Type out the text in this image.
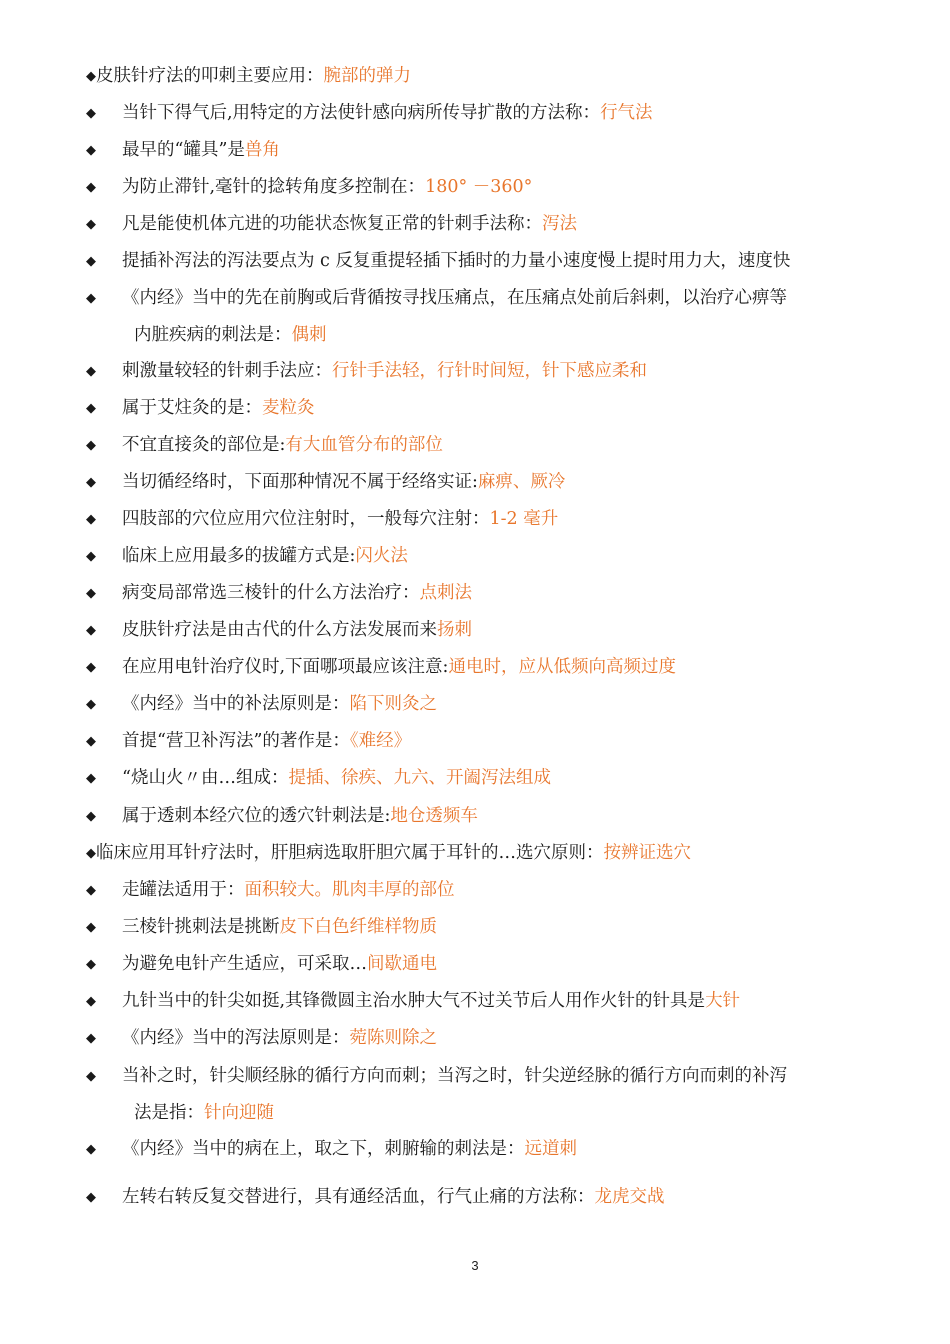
◆皮肤针疗法的叩刺主要应用：腕部的弹力
◆ 当针下得气后,用特定的方法使针感向病所传导扩散的方法称：行气法
◆ 最早的“罐具”是兽角
◆ 为防止滞针,毫针的捻转角度多控制在：180° －360°
◆ 凡是能使机体亢进的功能状态恢复正常的针刺手法称：泻法
◆ 提插补泻法的泻法要点为 c 反复重提轻插下插时的力量小速度慢上提时用力大，速度快
◆ 《内经》当中的先在前胸或后背循按寻找压痛点，在压痛点处前后斜刺，以治疗心痹等
内脏疾病的刺法是：偶刺
◆ 刺激量较轻的针刺手法应：行针手法轻，行针时间短，针下感应柔和
◆ 属于艾炷灸的是：麦粒灸
◆ 不宜直接灸的部位是:有大血管分布的部位
◆ 当切循经络时，下面那种情况不属于经络实证:麻痹、厥冷
◆ 四肢部的穴位应用穴位注射时，一般每穴注射：1-2 毫升
◆ 临床上应用最多的拔罐方式是:闪火法
◆ 病变局部常选三棱针的什么方法治疗：点刺法
◆ 皮肤针疗法是由古代的什么方法发展而来扬刺
◆ 在应用电针治疗仪时,下面哪项最应该注意:通电时，应从低频向高频过度
◆ 《内经》当中的补法原则是：陷下则灸之
◆ 首提“营卫补泻法”的著作是：《难经》
◆ “烧山火〃由…组成：提插、徐疾、九六、开阖泻法组成
◆ 属于透刺本经穴位的透穴针刺法是:地仓透频车
◆临床应用耳针疗法时，肝胆病选取肝胆穴属于耳针的…选穴原则：按辨证选穴
◆ 走罐法适用于：面积较大。肌肉丰厚的部位
◆ 三棱针挑刺法是挑断皮下白色纤维样物质
◆ 为避免电针产生适应，可采取…间歇通电
◆ 九针当中的针尖如挺,其锋微圆主治水肿大气不过关节后人用作火针的针具是大针
◆ 《内经》当中的泻法原则是：菀陈则除之
◆ 当补之时，针尖顺经脉的循行方向而刺；当泻之时，针尖逆经脉的循行方向而刺的补泻
法是指：针向迎随
◆ 《内经》当中的病在上，取之下，刺腑输的刺法是：远道刺
◆ 左转右转反复交替进行，具有通经活血，行气止痛的方法称：龙虎交战
3
